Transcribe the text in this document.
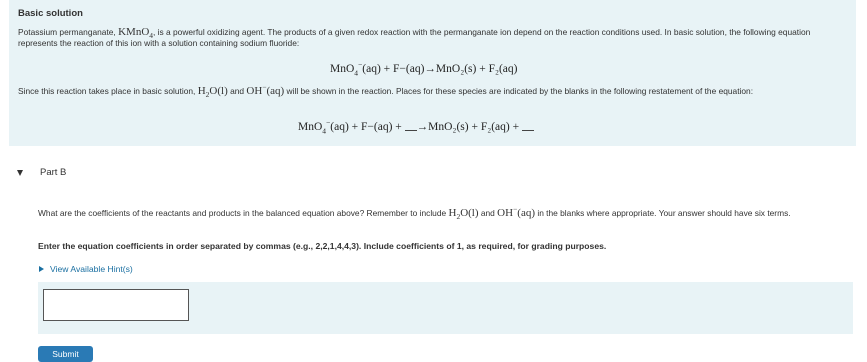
Basic solution

Potassium permanganate, KMnO$_4$, is a powerful oxidizing agent. The products of a given redox reaction with the permanganate ion depend on the reaction conditions used. In basic solution, the following equation represents the reaction of this ion with a solution containing sodium fluoride:

MnO$_4$−(aq) + F−(aq)→MnO₂(s) + F₂(aq)

Since this reaction takes place in basic solution, $H_2O(l)$ and OH−(aq) will be shown in the reaction. Places for these species are indicated by the blanks in the following restatement of the equation:

MnO$_4$−(aq) + F−(aq) + →MnO₂(s) + F₂(aq) +
Part B

What are the coefficients of the reactants and products in the balanced equation above? Remember to include $H_2O(l)$ and OH−(aq) in the blanks where appropriate. Your answer should have six terms.

Enter the equation coefficients in order separated by commas (e.g., 2,2,1,4,4,3). Include coefficients of 1, as required, for grading purposes.

View Available Hint(s)
Submit
